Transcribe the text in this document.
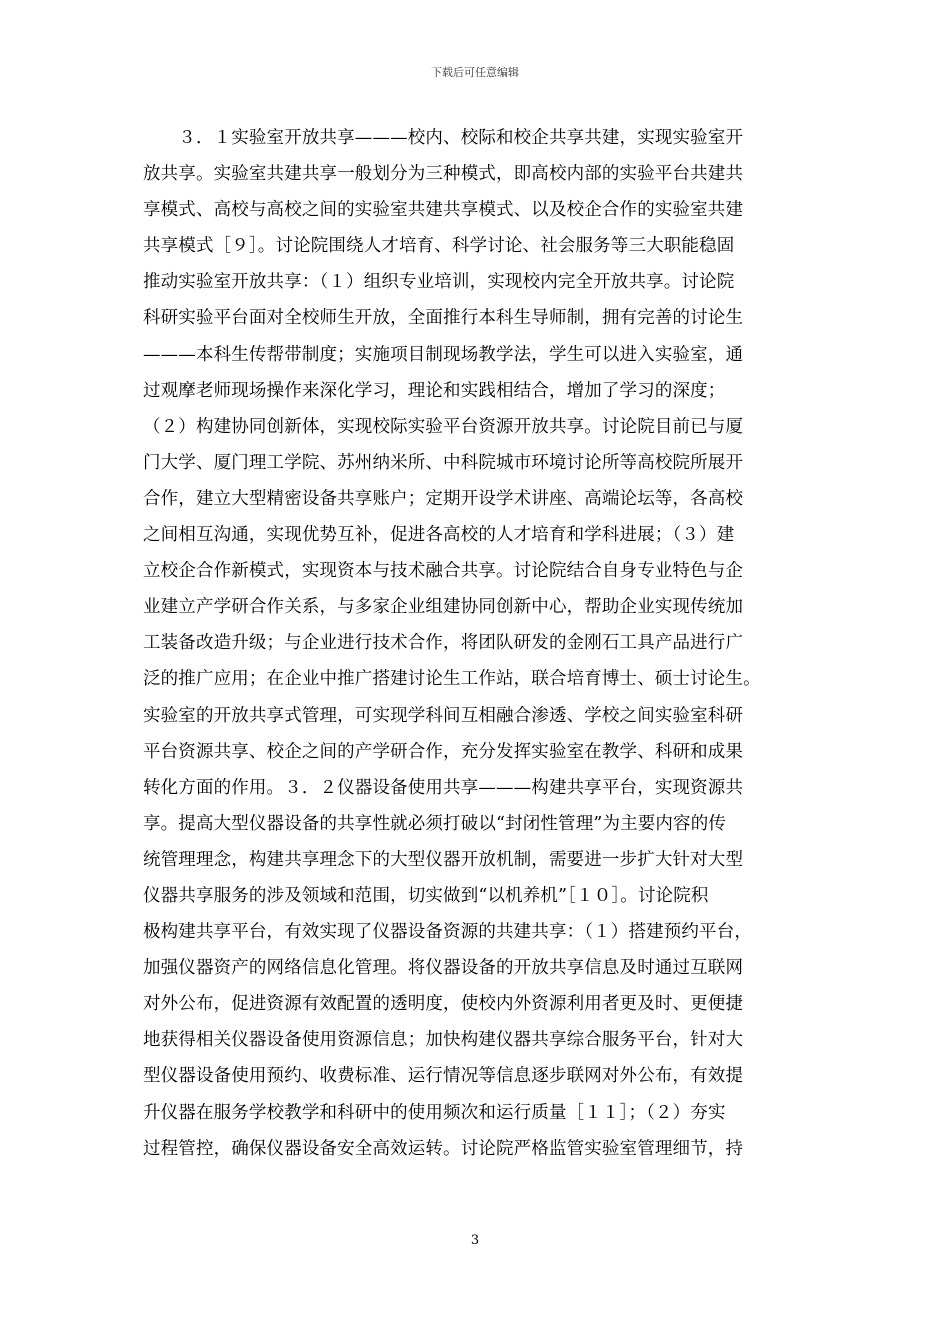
下载后可任意编辑
　　３．１实验室开放共享———校内、校际和校企共享共建，实现实验室开
放共享。实验室共建共享一般划分为三种模式，即高校内部的实验平台共建共
享模式、高校与高校之间的实验室共建共享模式、以及校企合作的实验室共建
共享模式［９］。讨论院围绕人才培育、科学讨论、社会服务等三大职能稳固
推动实验室开放共享：（１）组织专业培训，实现校内完全开放共享。讨论院
科研实验平台面对全校师生开放，全面推行本科生导师制，拥有完善的讨论生
———本科生传帮带制度；实施项目制现场教学法，学生可以进入实验室，通
过观摩老师现场操作来深化学习，理论和实践相结合，增加了学习的深度；
（２）构建协同创新体，实现校际实验平台资源开放共享。讨论院目前已与厦
门大学、厦门理工学院、苏州纳米所、中科院城市环境讨论所等高校院所展开
合作，建立大型精密设备共享账户；定期开设学术讲座、高端论坛等，各高校
之间相互沟通，实现优势互补，促进各高校的人才培育和学科进展；（３）建
立校企合作新模式，实现资本与技术融合共享。讨论院结合自身专业特色与企
业建立产学研合作关系，与多家企业组建协同创新中心，帮助企业实现传统加
工装备改造升级；与企业进行技术合作，将团队研发的金刚石工具产品进行广
泛的推广应用；在企业中推广搭建讨论生工作站，联合培育博士、硕士讨论生。
实验室的开放共享式管理，可实现学科间互相融合渗透、学校之间实验室科研
平台资源共享、校企之间的产学研合作，充分发挥实验室在教学、科研和成果
转化方面的作用。３．２仪器设备使用共享———构建共享平台，实现资源共
享。提高大型仪器设备的共享性就必须打破以“封闭性管理”为主要内容的传
统管理理念，构建共享理念下的大型仪器开放机制，需要进一步扩大针对大型
仪器共享服务的涉及领域和范围，切实做到“以机养机”［１０］。讨论院积
极构建共享平台，有效实现了仪器设备资源的共建共享：（１）搭建预约平台，
加强仪器资产的网络信息化管理。将仪器设备的开放共享信息及时通过互联网
对外公布，促进资源有效配置的透明度，使校内外资源利用者更及时、更便捷
地获得相关仪器设备使用资源信息；加快构建仪器共享综合服务平台，针对大
型仪器设备使用预约、收费标准、运行情况等信息逐步联网对外公布，有效提
升仪器在服务学校教学和科研中的使用频次和运行质量［１１］；（２）夯实
过程管控，确保仪器设备安全高效运转。讨论院严格监管实验室管理细节，持
3
